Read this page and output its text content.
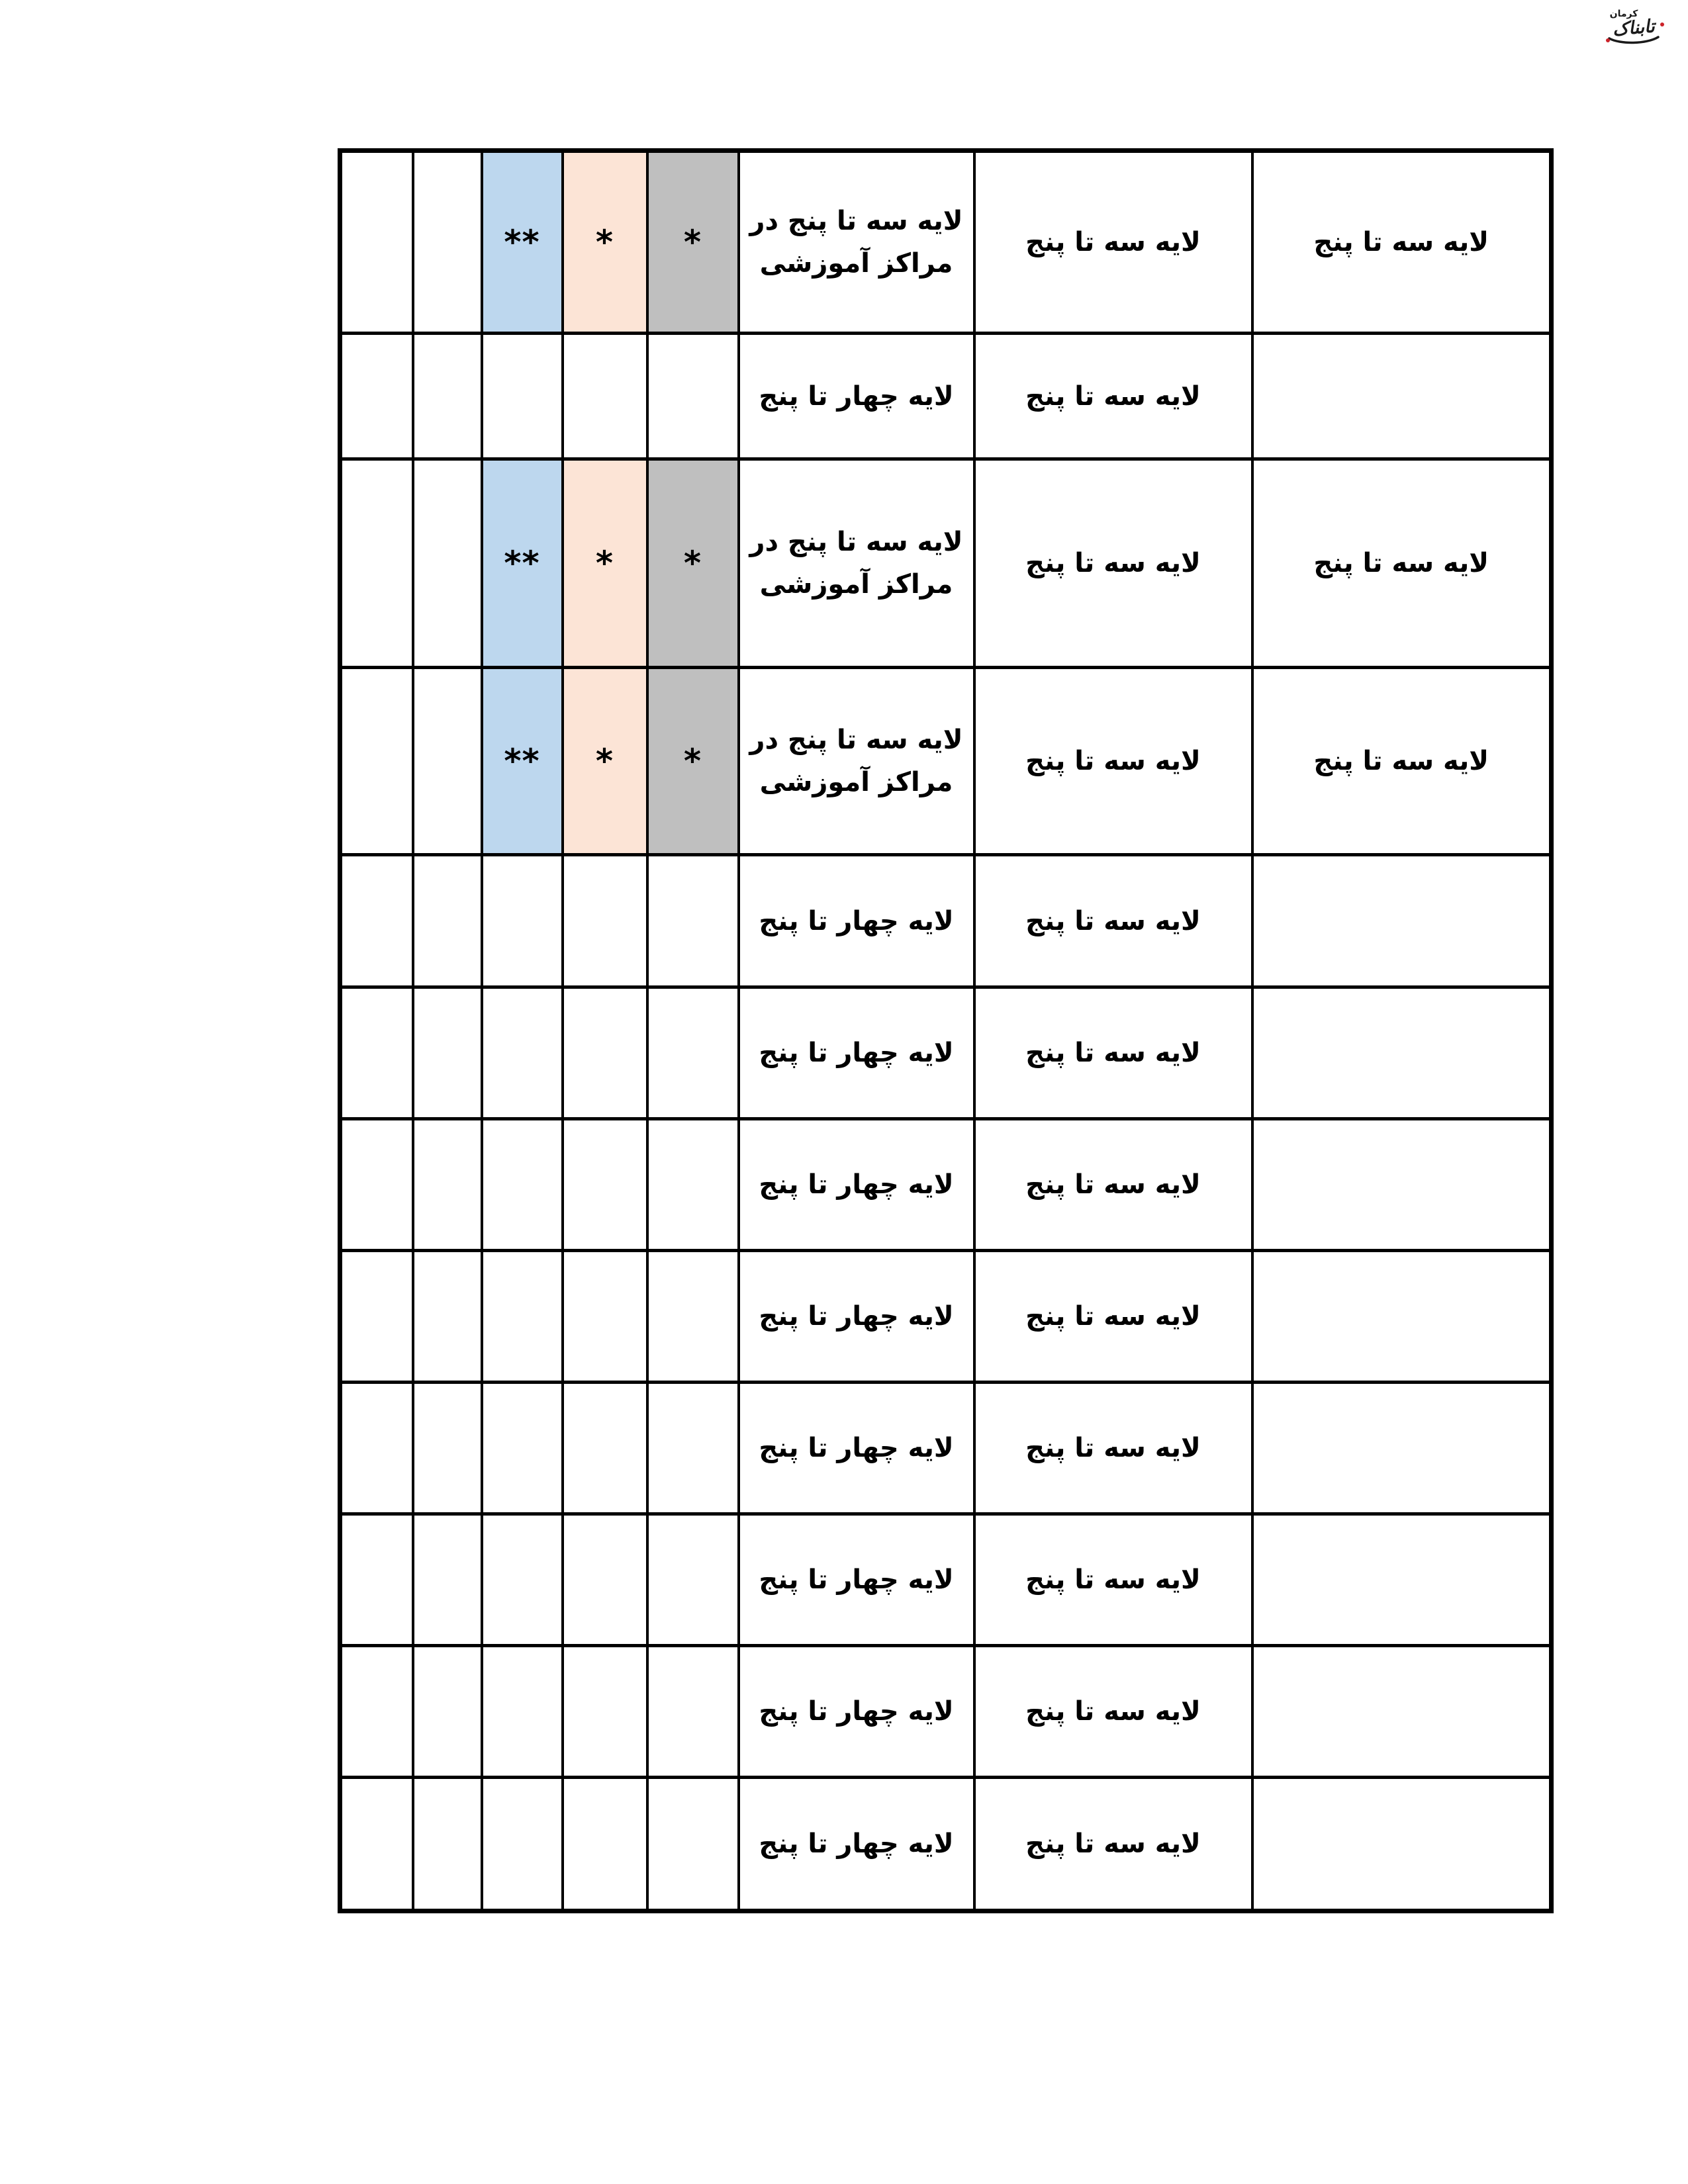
کرمان
تابناک
لایه سه تا پنج	لایه سه تا پنج	لایه سه تا پنج در مراکز آموزشی	*	*	**		
	لایه سه تا پنج	لایه چهار تا پنج					
لایه سه تا پنج	لایه سه تا پنج	لایه سه تا پنج در مراکز آموزشی	*	*	**		
لایه سه تا پنج	لایه سه تا پنج	لایه سه تا پنج در مراکز آموزشی	*	*	**		
	لایه سه تا پنج	لایه چهار تا پنج					
	لایه سه تا پنج	لایه چهار تا پنج					
	لایه سه تا پنج	لایه چهار تا پنج					
	لایه سه تا پنج	لایه چهار تا پنج					
	لایه سه تا پنج	لایه چهار تا پنج					
	لایه سه تا پنج	لایه چهار تا پنج					
	لایه سه تا پنج	لایه چهار تا پنج					
	لایه سه تا پنج	لایه چهار تا پنج					
